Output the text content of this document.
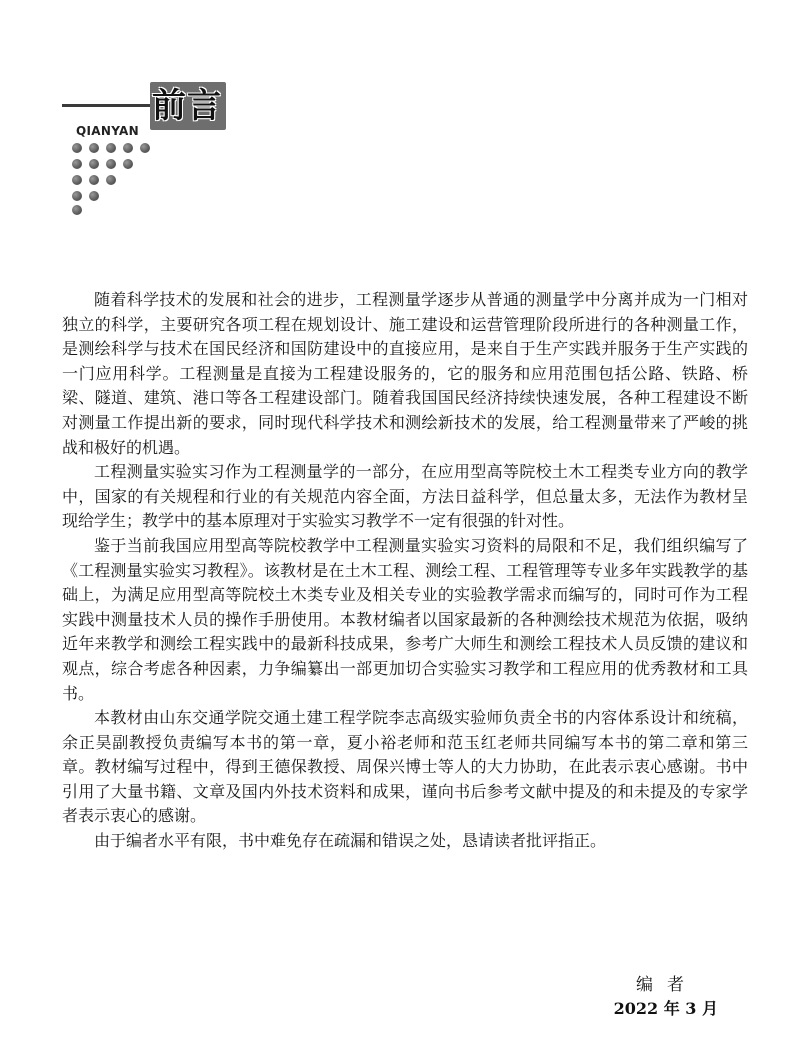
前言
QIANYAN

随着科学技术的发展和社会的进步，工程测量学逐步从普通的测量学中分离并成为一门相对独立的科学，主要研究各项工程在规划设计、施工建设和运营管理阶段所进行的各种测量工作，是测绘科学与技术在国民经济和国防建设中的直接应用，是来自于生产实践并服务于生产实践的一门应用科学。工程测量是直接为工程建设服务的，它的服务和应用范围包括公路、铁路、桥梁、隧道、建筑、港口等各工程建设部门。随着我国国民经济持续快速发展，各种工程建设不断对测量工作提出新的要求，同时现代科学技术和测绘新技术的发展，给工程测量带来了严峻的挑战和极好的机遇。

工程测量实验实习作为工程测量学的一部分，在应用型高等院校土木工程类专业方向的教学中，国家的有关规程和行业的有关规范内容全面，方法日益科学，但总量太多，无法作为教材呈现给学生；教学中的基本原理对于实验实习教学不一定有很强的针对性。

鉴于当前我国应用型高等院校教学中工程测量实验实习资料的局限和不足，我们组织编写了《工程测量实验实习教程》。该教材是在土木工程、测绘工程、工程管理等专业多年实践教学的基础上，为满足应用型高等院校土木类专业及相关专业的实验教学需求而编写的，同时可作为工程实践中测量技术人员的操作手册使用。本教材编者以国家最新的各种测绘技术规范为依据，吸纳近年来教学和测绘工程实践中的最新科技成果，参考广大师生和测绘工程技术人员反馈的建议和观点，综合考虑各种因素，力争编纂出一部更加切合实验实习教学和工程应用的优秀教材和工具书。

本教材由山东交通学院交通土建工程学院李志高级实验师负责全书的内容体系设计和统稿，余正昊副教授负责编写本书的第一章，夏小裕老师和范玉红老师共同编写本书的第二章和第三章。教材编写过程中，得到王德保教授、周保兴博士等人的大力协助，在此表示衷心感谢。书中引用了大量书籍、文章及国内外技术资料和成果，谨向书后参考文献中提及的和未提及的专家学者表示衷心的感谢。

由于编者水平有限，书中难免存在疏漏和错误之处，恳请读者批评指正。

编者
2022 年 3 月
